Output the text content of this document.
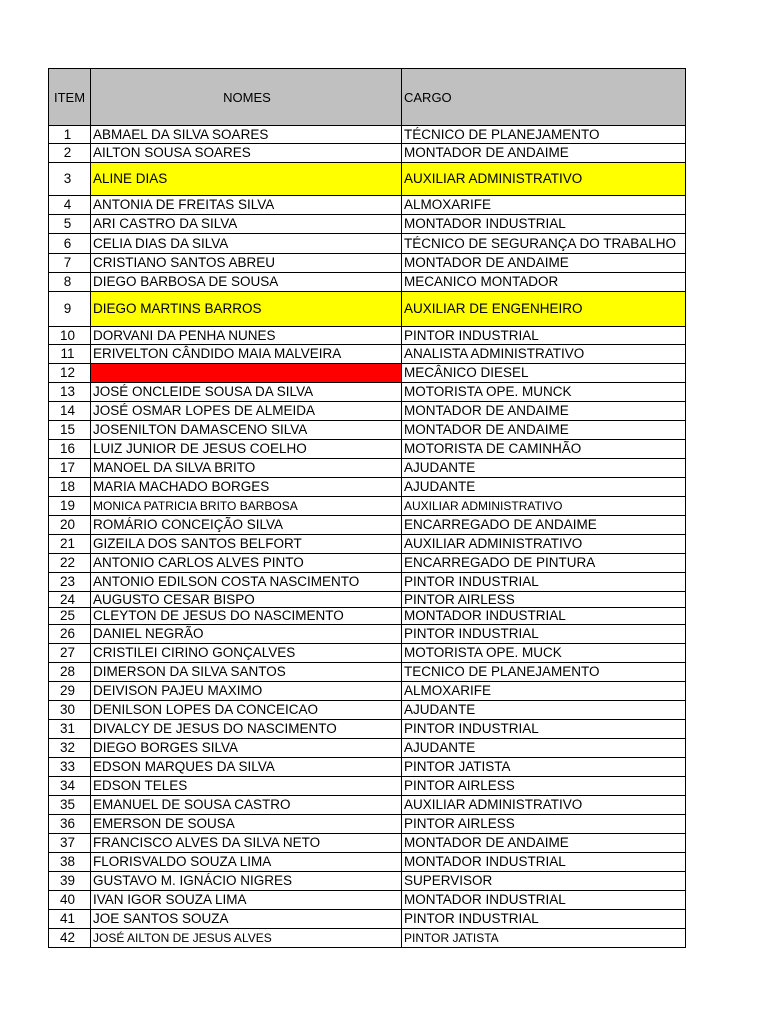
ITEM	NOMES	CARGO
1	ABMAEL DA SILVA SOARES	TÉCNICO DE PLANEJAMENTO
2	AILTON SOUSA SOARES	MONTADOR DE ANDAIME
3	ALINE DIAS	AUXILIAR ADMINISTRATIVO
4	ANTONIA DE FREITAS SILVA	ALMOXARIFE
5	ARI CASTRO DA SILVA	MONTADOR INDUSTRIAL
6	CELIA DIAS DA SILVA	TÉCNICO DE SEGURANÇA DO TRABALHO
7	CRISTIANO SANTOS ABREU	MONTADOR DE ANDAIME
8	DIEGO BARBOSA DE SOUSA	MECANICO MONTADOR
9	DIEGO MARTINS BARROS	AUXILIAR DE ENGENHEIRO
10	DORVANI DA PENHA NUNES	PINTOR INDUSTRIAL
11	ERIVELTON CÂNDIDO MAIA MALVEIRA	ANALISTA ADMINISTRATIVO
12	JEFERSON SOARES PORTO	MECÂNICO DIESEL
13	JOSÉ ONCLEIDE SOUSA DA SILVA	MOTORISTA OPE. MUNCK
14	JOSÉ OSMAR LOPES DE ALMEIDA	MONTADOR DE ANDAIME
15	JOSENILTON DAMASCENO SILVA	MONTADOR DE ANDAIME
16	LUIZ JUNIOR DE JESUS COELHO	MOTORISTA DE CAMINHÃO
17	MANOEL DA SILVA BRITO	AJUDANTE
18	MARIA MACHADO BORGES	AJUDANTE
19	MONICA PATRICIA BRITO BARBOSA	AUXILIAR ADMINISTRATIVO
20	ROMÁRIO CONCEIÇÃO SILVA	ENCARREGADO DE ANDAIME
21	GIZEILA DOS SANTOS BELFORT	AUXILIAR ADMINISTRATIVO
22	ANTONIO CARLOS ALVES PINTO	ENCARREGADO DE PINTURA
23	ANTONIO EDILSON COSTA NASCIMENTO	PINTOR INDUSTRIAL
24	AUGUSTO CESAR BISPO	PINTOR AIRLESS
25	CLEYTON DE JESUS DO NASCIMENTO	MONTADOR INDUSTRIAL
26	DANIEL NEGRÃO	PINTOR INDUSTRIAL
27	CRISTILEI CIRINO GONÇALVES	MOTORISTA OPE. MUCK
28	DIMERSON DA SILVA SANTOS	TECNICO DE PLANEJAMENTO
29	DEIVISON PAJEU MAXIMO	ALMOXARIFE
30	DENILSON LOPES DA CONCEICAO	AJUDANTE
31	DIVALCY DE JESUS DO NASCIMENTO	PINTOR INDUSTRIAL
32	DIEGO BORGES SILVA	AJUDANTE
33	EDSON MARQUES DA SILVA	PINTOR JATISTA
34	EDSON TELES	PINTOR AIRLESS
35	EMANUEL DE SOUSA CASTRO	AUXILIAR ADMINISTRATIVO
36	EMERSON DE SOUSA	PINTOR AIRLESS
37	FRANCISCO ALVES DA SILVA NETO	MONTADOR DE ANDAIME
38	FLORISVALDO SOUZA LIMA	MONTADOR INDUSTRIAL
39	GUSTAVO M. IGNÁCIO NIGRES	SUPERVISOR
40	IVAN IGOR SOUZA LIMA	MONTADOR INDUSTRIAL
41	JOE SANTOS SOUZA	PINTOR INDUSTRIAL
42	JOSÉ AILTON DE JESUS ALVES	PINTOR JATISTA
